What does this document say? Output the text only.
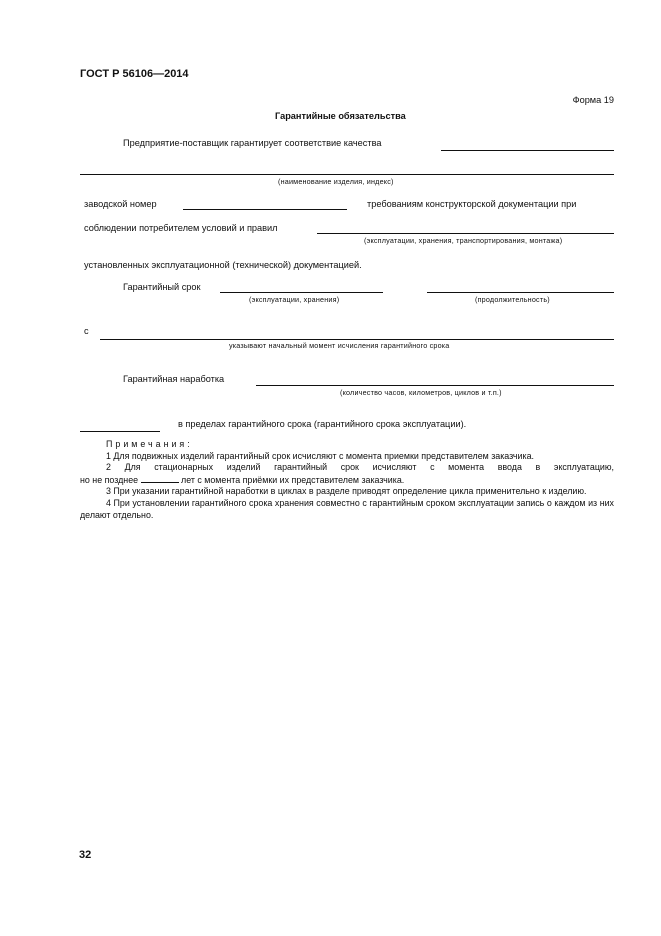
ГОСТ Р 56106—2014
Форма 19
Гарантийные обязательства
Предприятие-поставщик гарантирует соответствие качества
(наименование изделия, индекс)
заводской номер	требованиям конструкторской документации при
соблюдении потребителем условий и правил
(эксплуатации, хранения, транспортирования, монтажа)
установленных эксплуатационной (технической) документацией.
Гарантийный срок
(эксплуатации, хранения)	(продолжительность)
с
указывают начальный момент исчисления гарантийного срока
Гарантийная наработка
(количество часов, километров, циклов и т.п.)
в пределах гарантийного срока (гарантийного срока эксплуатации).

Примечания:

1 Для подвижных изделий гарантийный срок исчисляют с момента приемки представителем заказчика.

2 Для стационарных изделий гарантийный срок исчисляют с момента ввода в эксплуатацию,

но не позднее	лет с момента приёмки их представителем заказчика.

3 При указании гарантийной наработки в циклах в разделе приводят определение цикла применительно к изделию.

4 При установлении гарантийного срока хранения совместно с гарантийным сроком эксплуатации запись о каждом из них делают отдельно.

32
